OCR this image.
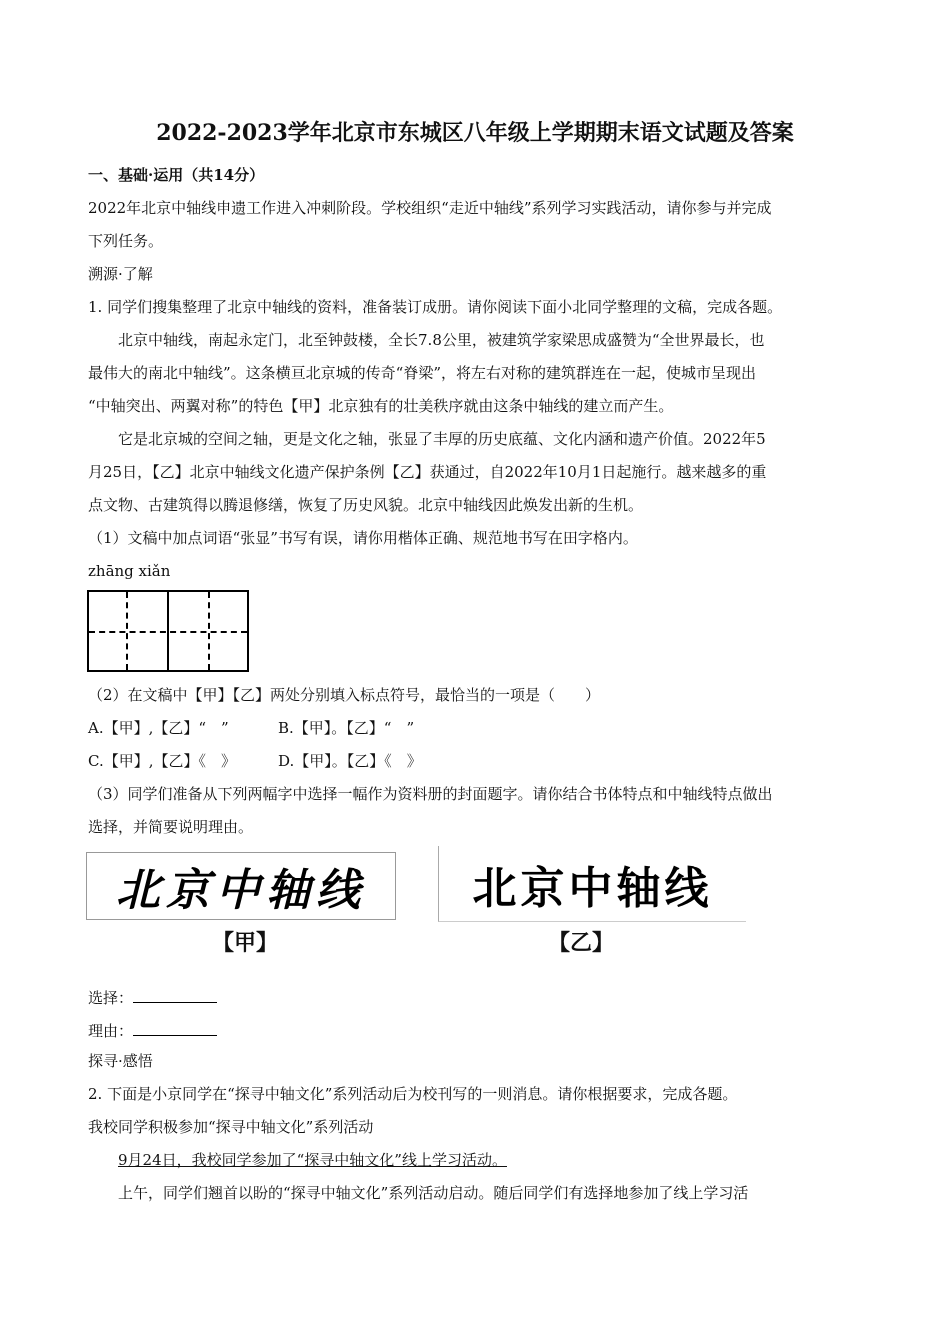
2022-2023学年北京市东城区八年级上学期期末语文试题及答案
一、基础·运用（共14分）
2022年北京中轴线申遗工作进入冲刺阶段。学校组织“走近中轴线”系列学习实践活动，请你参与并完成
下列任务。
溯源·了解
1. 同学们搜集整理了北京中轴线的资料，准备装订成册。请你阅读下面小北同学整理的文稿，完成各题。
北京中轴线，南起永定门，北至钟鼓楼，全长7.8公里，被建筑学家梁思成盛赞为“全世界最长，也
最伟大的南北中轴线”。这条横亘北京城的传奇“脊梁”，将左右对称的建筑群连在一起，使城市呈现出
“中轴突出、两翼对称”的特色【甲】北京独有的壮美秩序就由这条中轴线的建立而产生。
它是北京城的空间之轴，更是文化之轴，张显了丰厚的历史底蕴、文化内涵和遗产价值。2022年5
月25日，【乙】北京中轴线文化遗产保护条例【乙】获通过，自2022年10月1日起施行。越来越多的重
点文物、古建筑得以腾退修缮，恢复了历史风貌。北京中轴线因此焕发出新的生机。
（1）文稿中加点词语“张显”书写有误，请你用楷体正确、规范地书写在田字格内。
zhāng xiǎn
（2）在文稿中【甲】【乙】两处分别填入标点符号，最恰当的一项是（　　）
A.【甲】,【乙】“　”	B.【甲】。【乙】“　”
C.【甲】,【乙】《　》	D.【甲】。【乙】《　》
（3）同学们准备从下列两幅字中选择一幅作为资料册的封面题字。请你结合书体特点和中轴线特点做出
选择，并简要说明理由。
北京中轴线	北京中轴线
【甲】	【乙】
选择：
理由：
探寻·感悟
2. 下面是小京同学在“探寻中轴文化”系列活动后为校刊写的一则消息。请你根据要求，完成各题。
我校同学积极参加“探寻中轴文化”系列活动
9月24日，我校同学参加了“探寻中轴文化”线上学习活动。
上午，同学们翘首以盼的“探寻中轴文化”系列活动启动。随后同学们有选择地参加了线上学习活
